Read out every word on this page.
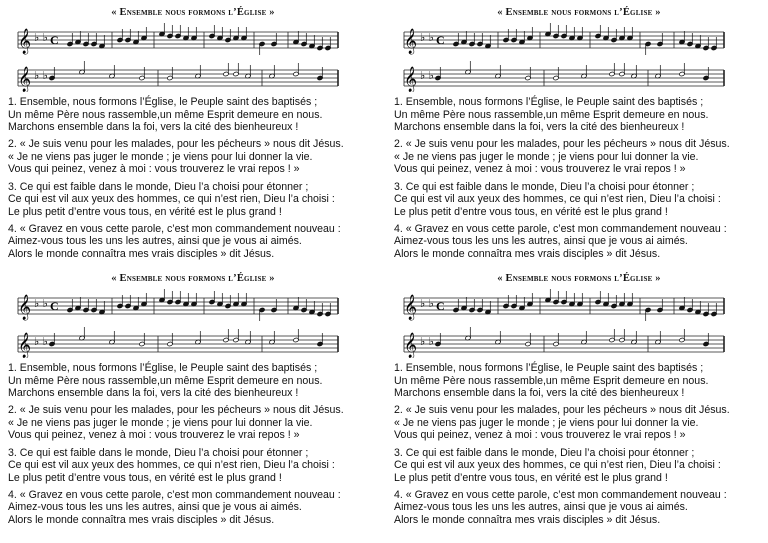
« Ensemble nous formons l’Église »
𝄞 ♭ ♭ C
𝄞 ♭ ♭

1. Ensemble, nous formons l’Église, le Peuple saint des baptisés ;
Un même Père nous rassemble,un même Esprit demeure en nous.
Marchons ensemble dans la foi, vers la cité des bienheureux !

2. « Je suis venu pour les malades, pour les pécheurs » nous dit Jésus.
« Je ne viens pas juger le monde ; je viens pour lui donner la vie.
Vous qui peinez, venez à moi : vous trouverez le vrai repos ! »

3. Ce qui est faible dans le monde, Dieu l’a choisi pour étonner ;
Ce qui est vil aux yeux des hommes, ce qui n’est rien, Dieu l’a choisi :
Le plus petit d’entre vous tous, en vérité est le plus grand !

4. « Gravez en vous cette parole, c’est mon commandement nouveau :
Aimez-vous tous les uns les autres, ainsi que je vous ai aimés.
Alors le monde connaîtra mes vrais disciples » dit Jésus.

« Ensemble nous formons l’Église »
𝄞 ♭ ♭ C
𝄞 ♭ ♭

1. Ensemble, nous formons l’Église, le Peuple saint des baptisés ;
Un même Père nous rassemble,un même Esprit demeure en nous.
Marchons ensemble dans la foi, vers la cité des bienheureux !

2. « Je suis venu pour les malades, pour les pécheurs » nous dit Jésus.
« Je ne viens pas juger le monde ; je viens pour lui donner la vie.
Vous qui peinez, venez à moi : vous trouverez le vrai repos ! »

3. Ce qui est faible dans le monde, Dieu l’a choisi pour étonner ;
Ce qui est vil aux yeux des hommes, ce qui n’est rien, Dieu l’a choisi :
Le plus petit d’entre vous tous, en vérité est le plus grand !

4. « Gravez en vous cette parole, c’est mon commandement nouveau :
Aimez-vous tous les uns les autres, ainsi que je vous ai aimés.
Alors le monde connaîtra mes vrais disciples » dit Jésus.

« Ensemble nous formons l’Église »
𝄞 ♭ ♭ C
𝄞 ♭ ♭

1. Ensemble, nous formons l’Église, le Peuple saint des baptisés ;
Un même Père nous rassemble,un même Esprit demeure en nous.
Marchons ensemble dans la foi, vers la cité des bienheureux !

2. « Je suis venu pour les malades, pour les pécheurs » nous dit Jésus.
« Je ne viens pas juger le monde ; je viens pour lui donner la vie.
Vous qui peinez, venez à moi : vous trouverez le vrai repos ! »

3. Ce qui est faible dans le monde, Dieu l’a choisi pour étonner ;
Ce qui est vil aux yeux des hommes, ce qui n’est rien, Dieu l’a choisi :
Le plus petit d’entre vous tous, en vérité est le plus grand !

4. « Gravez en vous cette parole, c’est mon commandement nouveau :
Aimez-vous tous les uns les autres, ainsi que je vous ai aimés.
Alors le monde connaîtra mes vrais disciples » dit Jésus.

« Ensemble nous formons l’Église »
𝄞 ♭ ♭ C
𝄞 ♭ ♭

1. Ensemble, nous formons l’Église, le Peuple saint des baptisés ;
Un même Père nous rassemble,un même Esprit demeure en nous.
Marchons ensemble dans la foi, vers la cité des bienheureux !

2. « Je suis venu pour les malades, pour les pécheurs » nous dit Jésus.
« Je ne viens pas juger le monde ; je viens pour lui donner la vie.
Vous qui peinez, venez à moi : vous trouverez le vrai repos ! »

3. Ce qui est faible dans le monde, Dieu l’a choisi pour étonner ;
Ce qui est vil aux yeux des hommes, ce qui n’est rien, Dieu l’a choisi :
Le plus petit d’entre vous tous, en vérité est le plus grand !

4. « Gravez en vous cette parole, c’est mon commandement nouveau :
Aimez-vous tous les uns les autres, ainsi que je vous ai aimés.
Alors le monde connaîtra mes vrais disciples » dit Jésus.
